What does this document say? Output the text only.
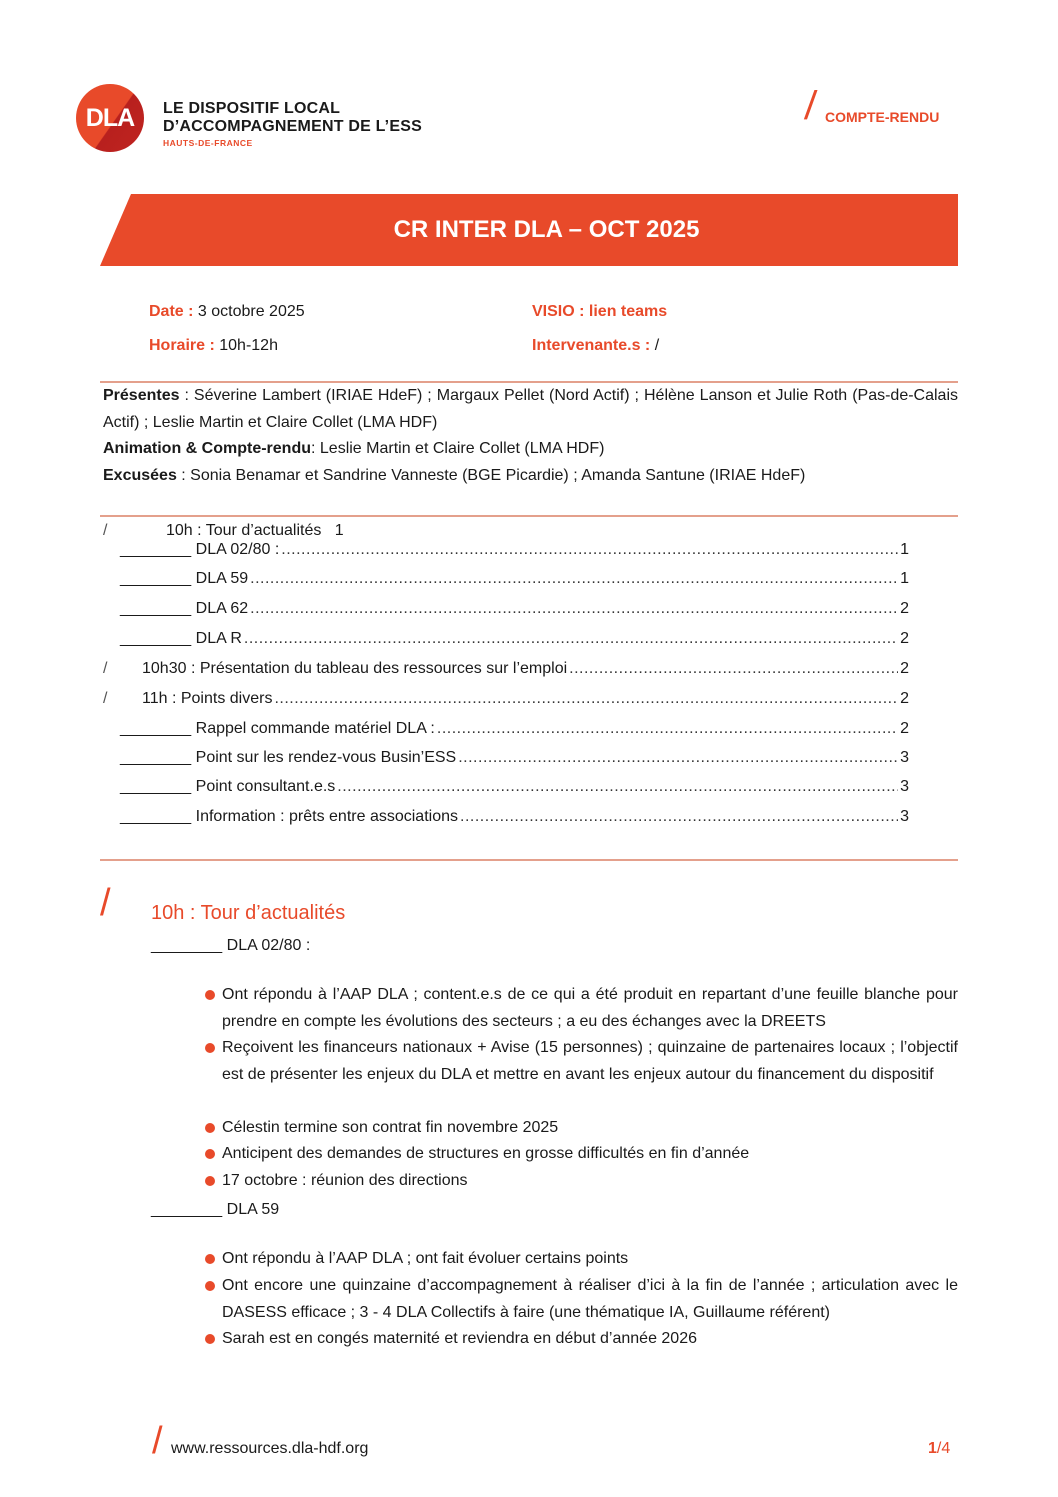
DLA	LE DISPOSITIF LOCAL
D’ACCOMPAGNEMENT DE L’ESS
HAUTS-DE-FRANCE
/ COMPTE-RENDU
CR INTER DLA – OCT 2025
Date : 3 octobre 2025
Horaire : 10h-12h
VISIO : lien teams
Intervenante.s : /
Présentes : Séverine Lambert (IRIAE HdeF) ; Margaux Pellet (Nord Actif) ; Hélène Lanson et Julie Roth (Pas-de-Calais Actif) ; Leslie Martin et Claire Collet (LMA HDF)
Animation & Compte-rendu: Leslie Martin et Claire Collet (LMA HDF)
Excusées : Sonia Benamar et Sandrine Vanneste (BGE Picardie) ; Amanda Santune (IRIAE HdeF)
/	10h : Tour d’actualités   1
________
DLA 02/80 : .....	1
________
DLA 59 .....	1
________
DLA 62 .....	2
________
DLA R .....	2
/	10h30 : Présentation du tableau des ressources sur l’emploi .....	2
/	11h : Points divers .....	2
________
Rappel commande matériel DLA : .....	2
________
Point sur les rendez-vous Busin’ESS .....	3
________
Point consultant.e.s .....	3
________
Information : prêts entre associations .....	3
/ 10h : Tour d’actualités
________ DLA 02/80 :
Ont répondu à l’AAP DLA ; content.e.s de ce qui a été produit en repartant d’une feuille blanche pour prendre en compte les évolutions des secteurs ; a eu des échanges avec la DREETS
Reçoivent les financeurs nationaux + Avise (15 personnes) ; quinzaine de partenaires locaux ; l’objectif est de présenter les enjeux du DLA et mettre en avant les enjeux autour du financement du dispositif
Célestin termine son contrat fin novembre 2025
Anticipent des demandes de structures en grosse difficultés en fin d’année
17 octobre : réunion des directions
________ DLA 59
Ont répondu à l’AAP DLA ; ont fait évoluer certains points
Ont encore une quinzaine d’accompagnement à réaliser d’ici à la fin de l’année ; articulation avec le DASESS efficace ; 3 - 4 DLA Collectifs à faire (une thématique IA, Guillaume référent)
Sarah est en congés maternité et reviendra en début d’année 2026
/ www.ressources.dla-hdf.org	1/4
